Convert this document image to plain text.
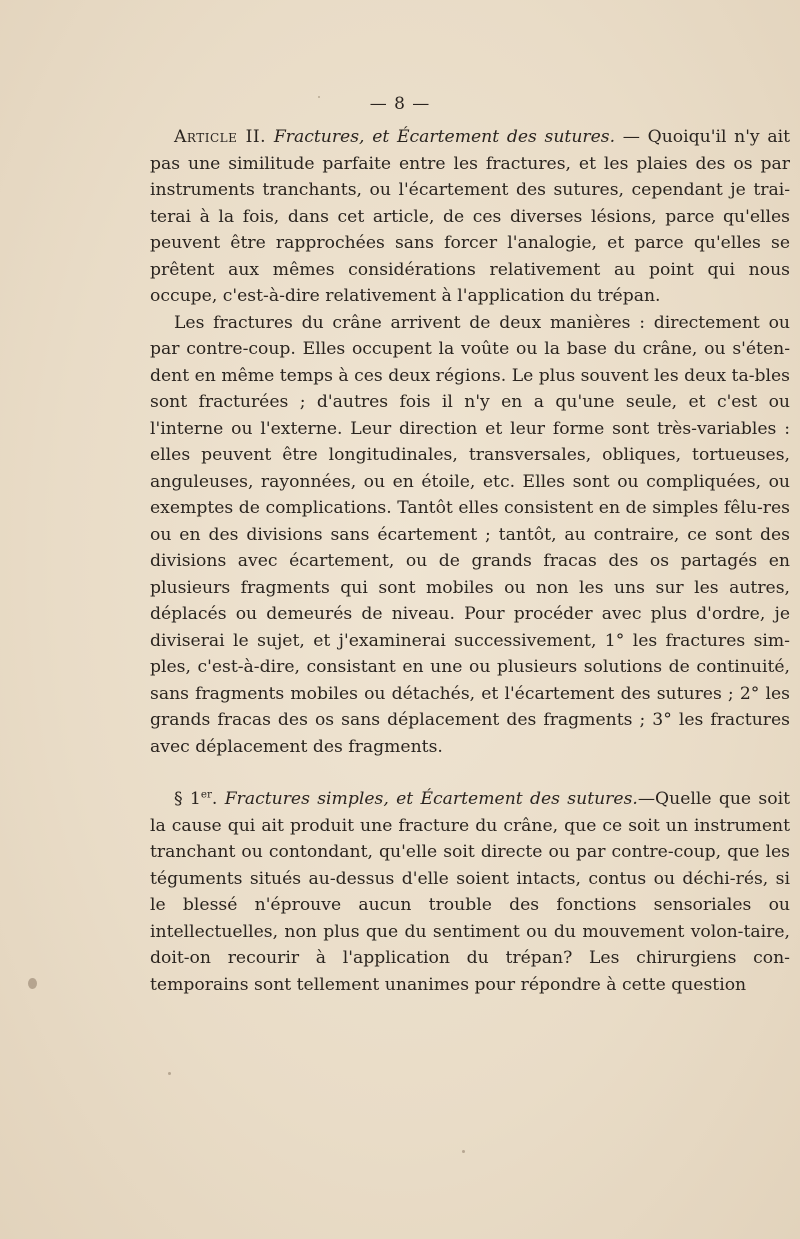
— 8 —

Article II. Fractures, et Écartement des sutures. — Quoiqu'il n'y ait pas une similitude parfaite entre les fractures, et les plaies des os par instruments tranchants, ou l'écartement des sutures, cependant je trai-terai à la fois, dans cet article, de ces diverses lésions, parce qu'elles peuvent être rapprochées sans forcer l'analogie, et parce qu'elles se prêtent aux mêmes considérations relativement au point qui nous occupe, c'est-à-dire relativement à l'application du trépan.

Les fractures du crâne arrivent de deux manières : directement ou par contre-coup. Elles occupent la voûte ou la base du crâne, ou s'éten-dent en même temps à ces deux régions. Le plus souvent les deux ta-bles sont fracturées ; d'autres fois il n'y en a qu'une seule, et c'est ou l'interne ou l'externe. Leur direction et leur forme sont très-variables : elles peuvent être longitudinales, transversales, obliques, tortueuses, anguleuses, rayonnées, ou en étoile, etc. Elles sont ou compliquées, ou exemptes de complications. Tantôt elles consistent en de simples fêlu-res ou en des divisions sans écartement ; tantôt, au contraire, ce sont des divisions avec écartement, ou de grands fracas des os partagés en plusieurs fragments qui sont mobiles ou non les uns sur les autres, déplacés ou demeurés de niveau. Pour procéder avec plus d'ordre, je diviserai le sujet, et j'examinerai successivement, 1° les fractures sim-ples, c'est-à-dire, consistant en une ou plusieurs solutions de continuité, sans fragments mobiles ou détachés, et l'écartement des sutures ; 2° les grands fracas des os sans déplacement des fragments ; 3° les fractures avec déplacement des fragments.

§ 1er. Fractures simples, et Écartement des sutures.—Quelle que soit la cause qui ait produit une fracture du crâne, que ce soit un instrument tranchant ou contondant, qu'elle soit directe ou par contre-coup, que les téguments situés au-dessus d'elle soient intacts, contus ou déchi-rés, si le blessé n'éprouve aucun trouble des fonctions sensoriales ou intellectuelles, non plus que du sentiment ou du mouvement volon-taire, doit-on recourir à l'application du trépan? Les chirurgiens con-temporains sont tellement unanimes pour répondre à cette question
